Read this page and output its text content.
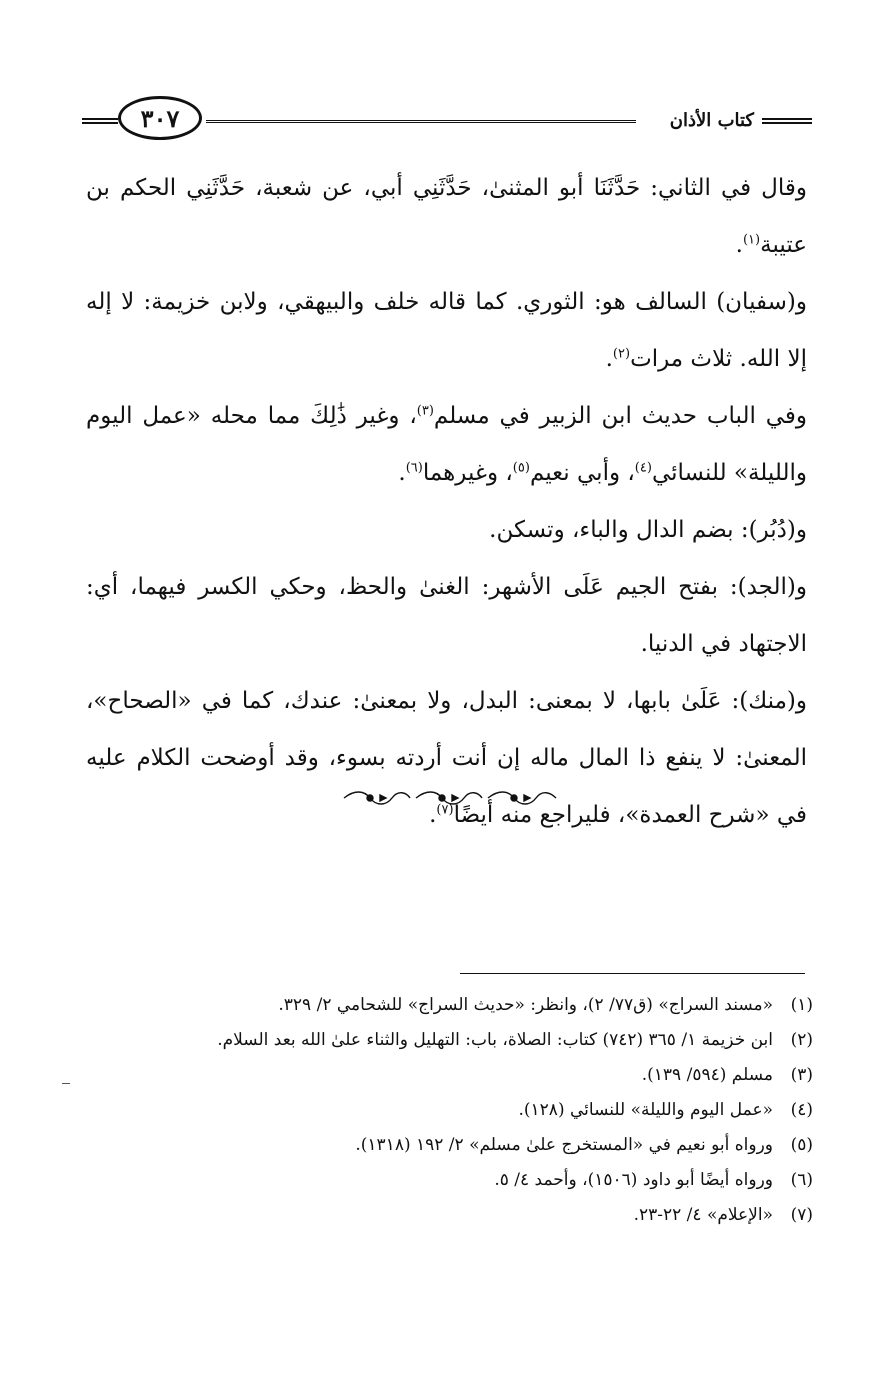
كتاب الأذان
٣٠٧

وقال في الثاني: حَدَّثَنَا أبو المثنىٰ، حَدَّثَنِي أبي، عن شعبة، حَدَّثَنِي الحكم بن عتيبة$^{(١)}$.

و(سفيان) السالف هو: الثوري. كما قاله خلف والبيهقي، ولابن خزيمة: لا إله إلا الله. ثلاث مرات$^{(٢)}$.

وفي الباب حديث ابن الزبير في مسلم$^{(٣)}$، وغير ذَٰلِكَ مما محله «عمل اليوم والليلة» للنسائي$^{(٤)}$، وأبي نعيم$^{(٥)}$، وغيرهما$^{(٦)}$.

و(دُبُر): بضم الدال والباء، وتسكن.

و(الجد): بفتح الجيم عَلَى الأشهر: الغنىٰ والحظ، وحكي الكسر فيهما، أي: الاجتهاد في الدنيا.

و(منك): عَلَىٰ بابها، لا بمعنى: البدل، ولا بمعنىٰ: عندك، كما في «الصحاح»، المعنىٰ: لا ينفع ذا المال ماله إن أنت أردته بسوء، وقد أوضحت الكلام عليه في «شرح العمدة»، فليراجع منه أيضًا$^{(٧)}$.

(١)
«مسند السراج» (ق٧٧/ ٢)، وانظر: «حديث السراج» للشحامي ٢/ ٣٢٩.
(٢)
ابن خزيمة ١/ ٣٦٥ (٧٤٢) كتاب: الصلاة، باب: التهليل والثناء علىٰ الله بعد السلام.
(٣)
مسلم (٥٩٤/ ١٣٩).
(٤)
«عمل اليوم والليلة» للنسائي (١٢٨).
(٥)
ورواه أبو نعيم في «المستخرج علىٰ مسلم» ٢/ ١٩٢ (١٣١٨).
(٦)
ورواه أيضًا أبو داود (١٥٠٦)، وأحمد ٤/ ٥.
(٧)
«الإعلام» ٤/ ٢٢-٢٣.
